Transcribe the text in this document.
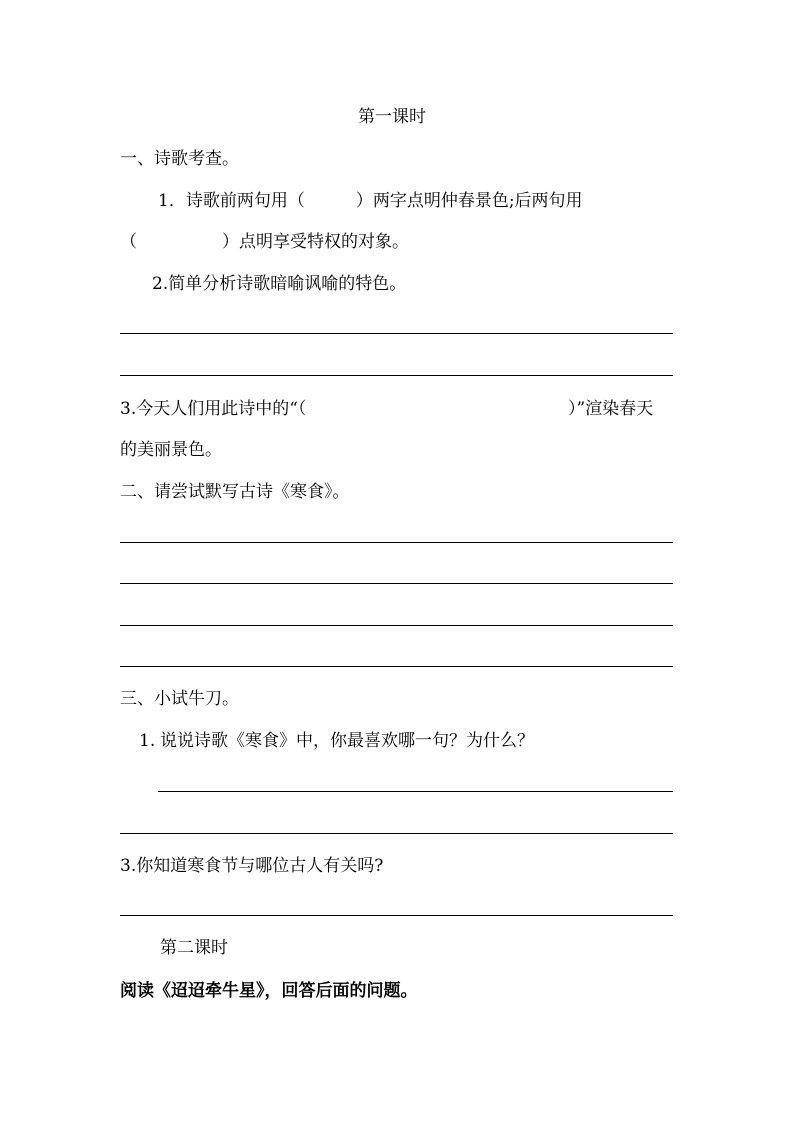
第一课时
一、诗歌考查。
1．诗歌前两句用（　　　）两字点明仲春景色;后两句用
（　　　　　）点明享受特权的对象。
2.简单分析诗歌暗喻讽喻的特色。
3.今天人们用此诗中的“（	）”渲染春天
的美丽景色。
二、请尝试默写古诗《寒食》。
三、小试牛刀。
1. 说说诗歌《寒食》中，你最喜欢哪一句？为什么？
3.你知道寒食节与哪位古人有关吗?
第二课时
阅读《迢迢牵牛星》，回答后面的问题。
